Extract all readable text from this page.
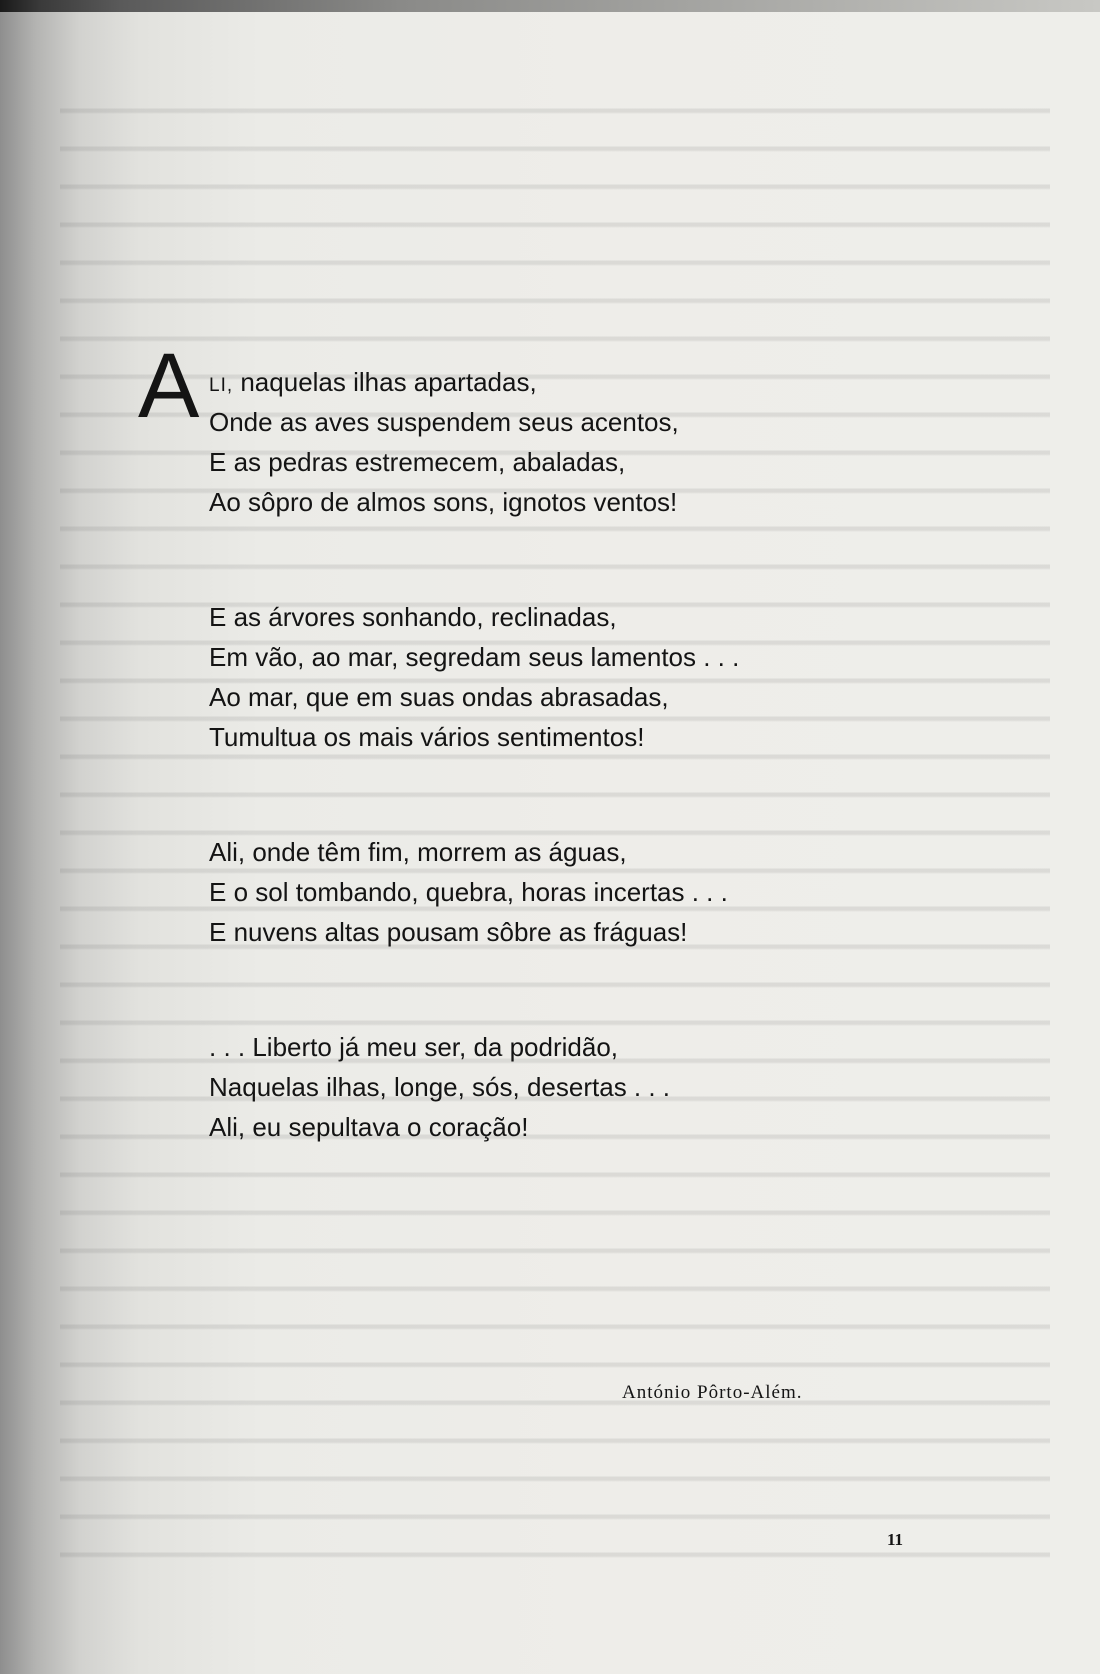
A LI, naquelas ilhas apartadas,
Onde as aves suspendem seus acentos,
E as pedras estremecem, abaladas,
Ao sôpro de almos sons, ignotos ventos!
E as árvores sonhando, reclinadas,
Em vão, ao mar, segredam seus lamentos . . .
Ao mar, que em suas ondas abrasadas,
Tumultua os mais vários sentimentos!
Ali, onde têm fim, morrem as águas,
E o sol tombando, quebra, horas incertas . . .
E nuvens altas pousam sôbre as fráguas!
. . . Liberto já meu ser, da podridão,
Naquelas ilhas, longe, sós, desertas . . .
Ali, eu sepultava o coração!
António Pôrto-Além.
11
